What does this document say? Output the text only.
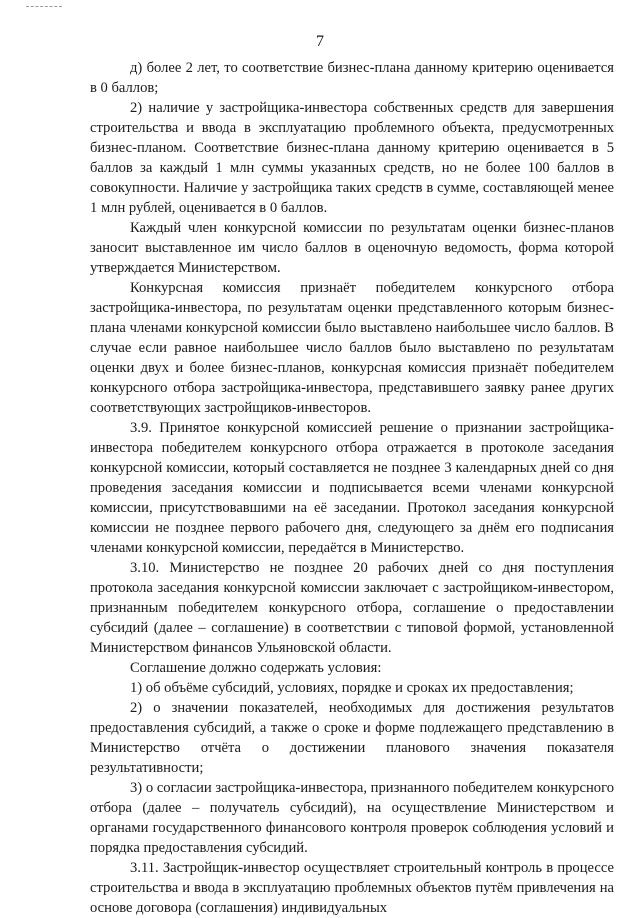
7

д) более 2 лет, то соответствие бизнес-плана данному критерию оценивается в 0 баллов;

2) наличие у застройщика-инвестора собственных средств для завершения строительства и ввода в эксплуатацию проблемного объекта, предусмотренных бизнес-планом. Соответствие бизнес-плана данному критерию оценивается в 5 баллов за каждый 1 млн суммы указанных средств, но не более 100 баллов в совокупности. Наличие у застройщика таких средств в сумме, составляющей менее 1 млн рублей, оценивается в 0 баллов.

Каждый член конкурсной комиссии по результатам оценки бизнес-планов заносит выставленное им число баллов в оценочную ведомость, форма которой утверждается Министерством.

Конкурсная комиссия признаёт победителем конкурсного отбора застройщика-инвестора, по результатам оценки представленного которым бизнес-плана членами конкурсной комиссии было выставлено наибольшее число баллов. В случае если равное наибольшее число баллов было выставлено по результатам оценки двух и более бизнес-планов, конкурсная комиссия признаёт победителем конкурсного отбора застройщика-инвестора, представившего заявку ранее других соответствующих застройщиков-инвесторов.

3.9. Принятое конкурсной комиссией решение о признании застройщика-инвестора победителем конкурсного отбора отражается в протоколе заседания конкурсной комиссии, который составляется не позднее 3 календарных дней со дня проведения заседания комиссии и подписывается всеми членами конкурсной комиссии, присутствовавшими на её заседании. Протокол заседания конкурсной комиссии не позднее первого рабочего дня, следующего за днём его подписания членами конкурсной комиссии, передаётся в Министерство.

3.10. Министерство не позднее 20 рабочих дней со дня поступления протокола заседания конкурсной комиссии заключает с застройщиком-инвестором, признанным победителем конкурсного отбора, соглашение о предоставлении субсидий (далее – соглашение) в соответствии с типовой формой, установленной Министерством финансов Ульяновской области.

Соглашение должно содержать условия:

1) об объёме субсидий, условиях, порядке и сроках их предоставления;

2) о значении показателей, необходимых для достижения результатов предоставления субсидий, а также о сроке и форме подлежащего представлению в Министерство отчёта о достижении планового значения показателя результативности;

3) о согласии застройщика-инвестора, признанного победителем конкурсного отбора (далее – получатель субсидий), на осуществление Министерством и органами государственного финансового контроля проверок соблюдения условий и порядка предоставления субсидий.

3.11. Застройщик-инвестор осуществляет строительный контроль в процессе строительства и ввода в эксплуатацию проблемных объектов путём привлечения на основе договора (соглашения) индивидуальных
